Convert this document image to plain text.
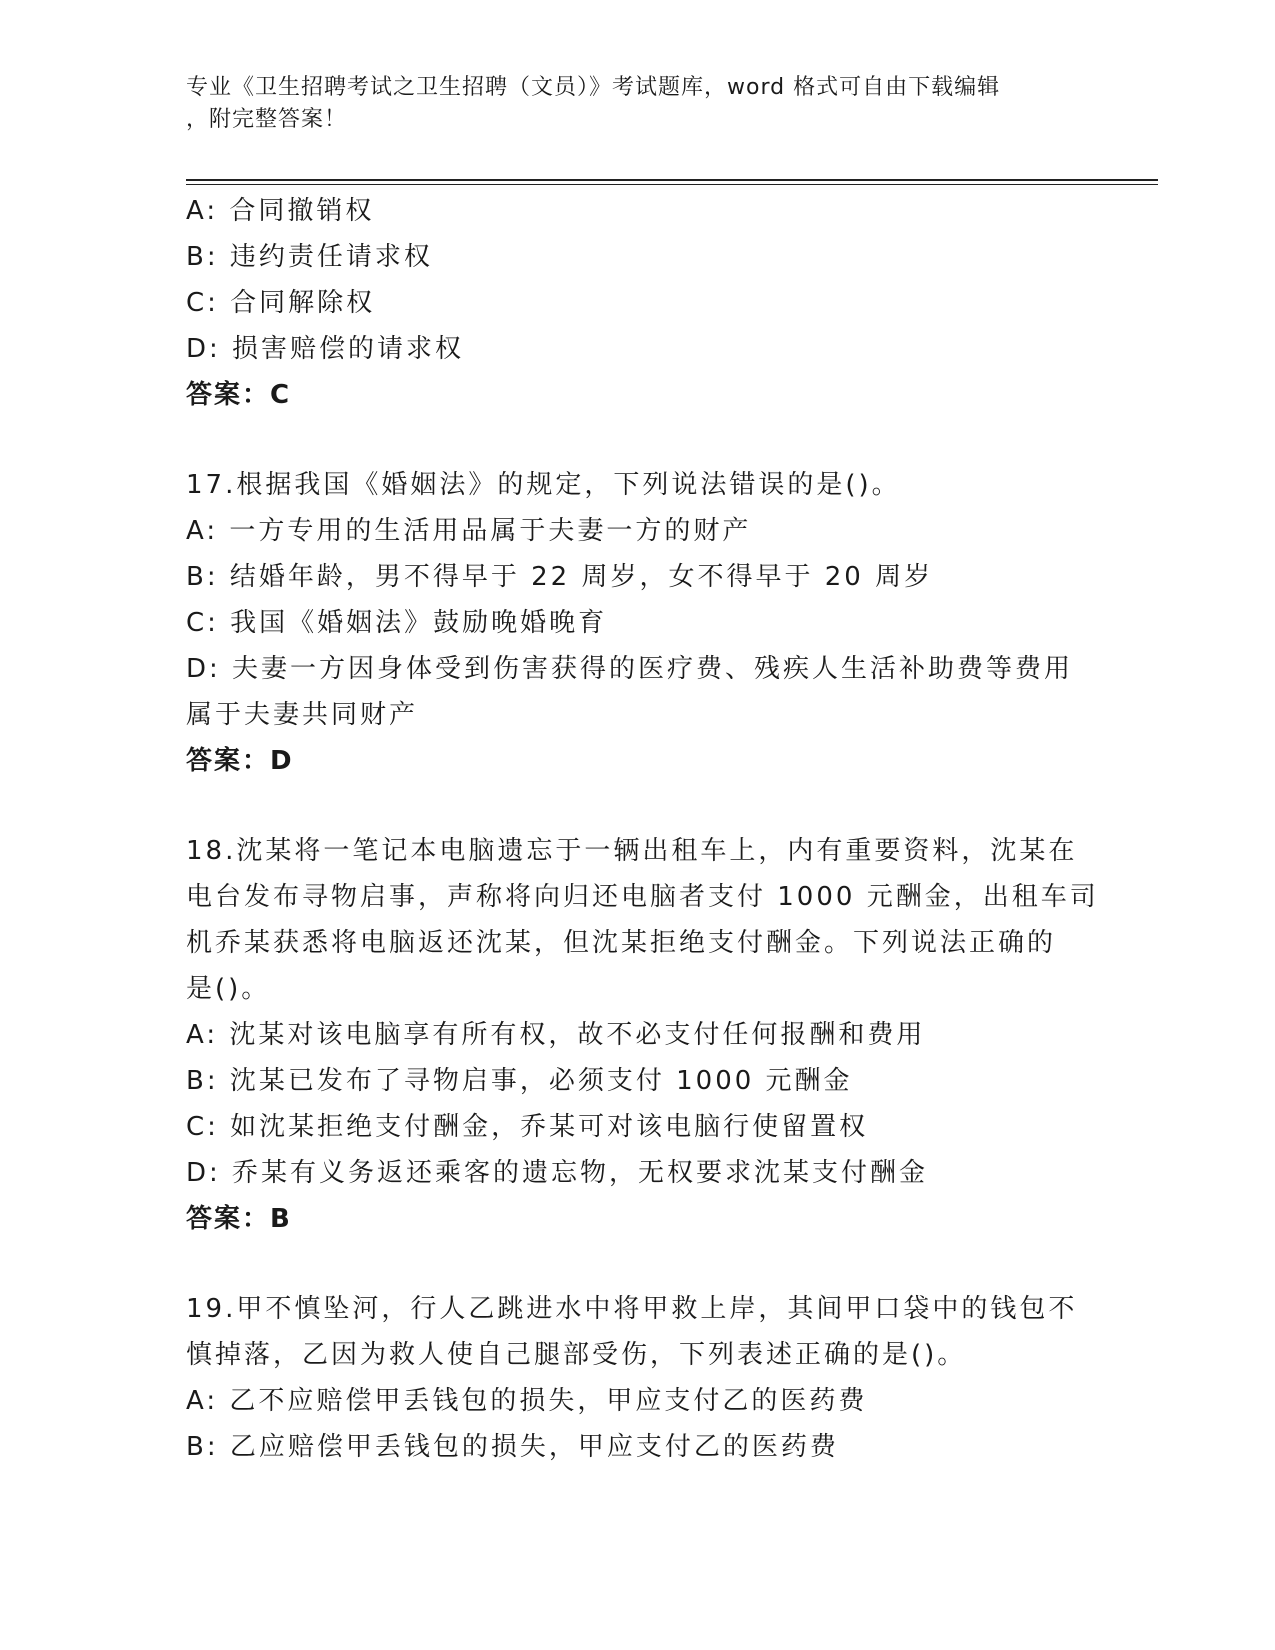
专业《卫生招聘考试之卫生招聘（文员）》考试题库，word 格式可自由下载编辑
，附完整答案！
A: 合同撤销权
B: 违约责任请求权
C: 合同解除权
D: 损害赔偿的请求权
答案：C
17.根据我国《婚姻法》的规定，下列说法错误的是()。
A: 一方专用的生活用品属于夫妻一方的财产
B: 结婚年龄，男不得早于 22 周岁，女不得早于 20 周岁
C: 我国《婚姻法》鼓励晚婚晚育
D: 夫妻一方因身体受到伤害获得的医疗费、残疾人生活补助费等费用
属于夫妻共同财产
答案：D
18.沈某将一笔记本电脑遗忘于一辆出租车上，内有重要资料，沈某在
电台发布寻物启事，声称将向归还电脑者支付 1000 元酬金，出租车司
机乔某获悉将电脑返还沈某，但沈某拒绝支付酬金。下列说法正确的
是()。
A: 沈某对该电脑享有所有权，故不必支付任何报酬和费用
B: 沈某已发布了寻物启事，必须支付 1000 元酬金
C: 如沈某拒绝支付酬金，乔某可对该电脑行使留置权
D: 乔某有义务返还乘客的遗忘物，无权要求沈某支付酬金
答案：B
19.甲不慎坠河，行人乙跳进水中将甲救上岸，其间甲口袋中的钱包不
慎掉落，乙因为救人使自己腿部受伤，下列表述正确的是()。
A: 乙不应赔偿甲丢钱包的损失，甲应支付乙的医药费
B: 乙应赔偿甲丢钱包的损失，甲应支付乙的医药费
